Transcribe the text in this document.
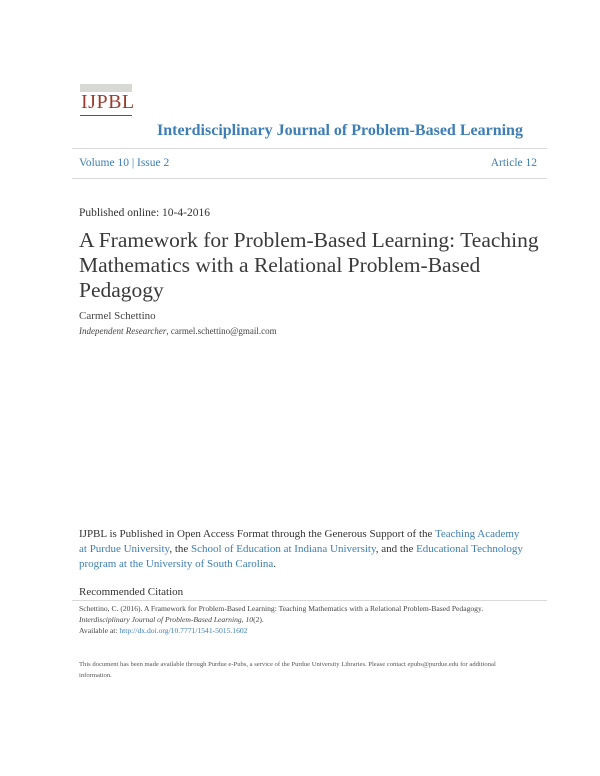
IJPBL
Interdisciplinary Journal of Problem-Based Learning
Volume 10 | Issue 2	Article 12
Published online: 10-4-2016
A Framework for Problem-Based Learning: Teaching Mathematics with a Relational Problem-Based Pedagogy
Carmel Schettino
Independent Researcher, carmel.schettino@gmail.com
IJPBL is Published in Open Access Format through the Generous Support of the Teaching Academy at Purdue University, the School of Education at Indiana University, and the Educational Technology program at the University of South Carolina.
Recommended Citation
Schettino, C. (2016). A Framework for Problem-Based Learning: Teaching Mathematics with a Relational Problem-Based Pedagogy.
Interdisciplinary Journal of Problem-Based Learning, 10(2).
Available at: http://dx.doi.org/10.7771/1541-5015.1602
This document has been made available through Purdue e-Pubs, a service of the Purdue University Libraries. Please contact epubs@purdue.edu for additional information.
